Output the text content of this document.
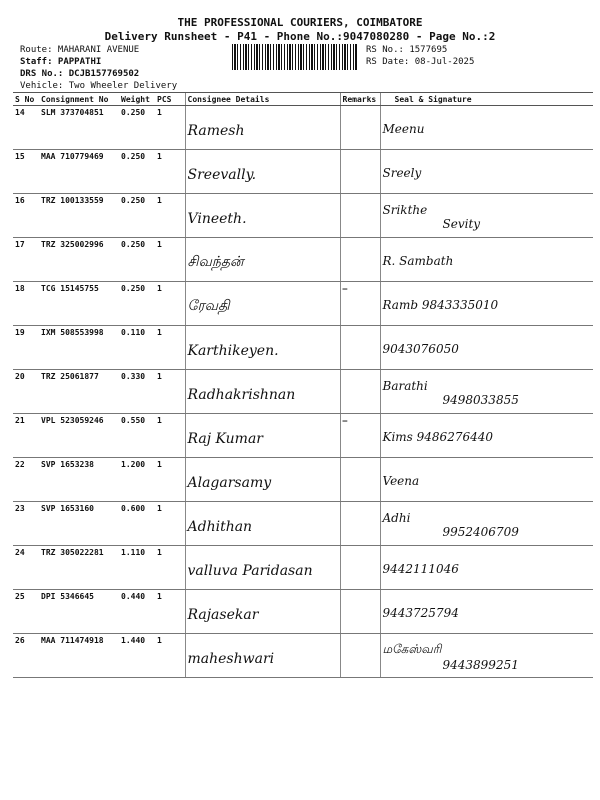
THE PROFESSIONAL COURIERS, COIMBATORE
Delivery Runsheet - P41 - Phone No.:9047080280 - Page No.:2
Route: MAHARANI AVENUE
Staff: PAPPATHI
DRS No.: DCJB157769502
Vehicle: Two Wheeler Delivery
RS No.: 1577695
RS Date: 08-Jul-2025
S No	Consignment No	Weight	PCS	Consignee Details	Remarks	Seal & Signature
14	SLM 373704851	0.250	1	Ramesh		Meenu

15	MAA 710779469	0.250	1	Sreevally.		Sreely

16	TRZ 100133559	0.250	1	Vineeth.		Srikthe
Sevity

17	TRZ 325002996	0.250	1	சிவந்தன்		R. Sambath

18	TCG 15145755	0.250	1	ரேவதி	—	Ramb 9843335010

19	IXM 508553998	0.110	1	Karthikeyen.		9043076050

20	TRZ 25061877	0.330	1	Radhakrishnan		Barathi
9498033855

21	VPL 523059246	0.550	1	Raj Kumar	—	Kims 9486276440

22	SVP 1653238	1.200	1	Alagarsamy		Veena

23	SVP 1653160	0.600	1	Adhithan		Adhi
9952406709

24	TRZ 305022281	1.110	1	valluva Paridasan		9442111046

25	DPI 5346645	0.440	1	Rajasekar		9443725794

26	MAA 711474918	1.440	1	maheshwari		மகேஸ்வரி
9443899251
